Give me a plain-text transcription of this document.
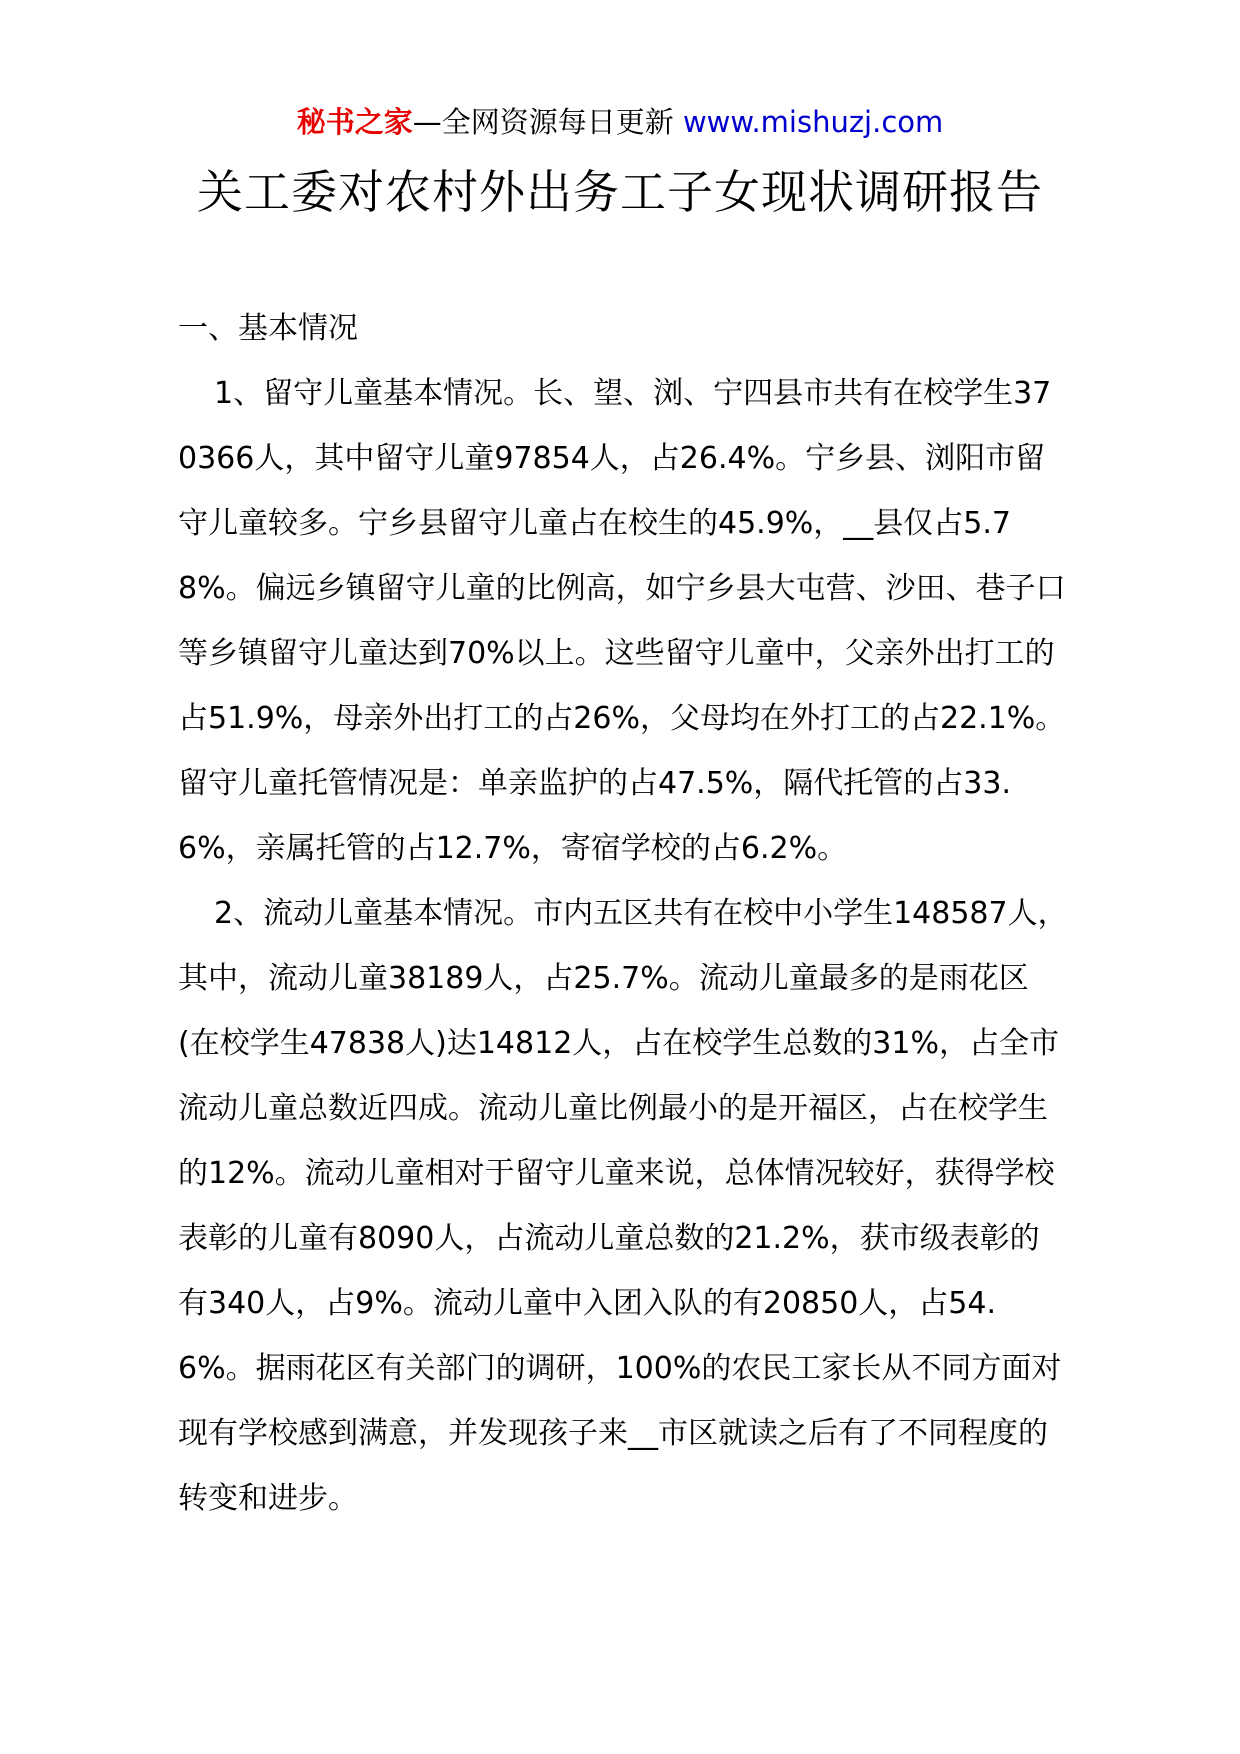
秘书之家—全网资源每日更新 www.mishuzj.com
关工委对农村外出务工子女现状调研报告

一、基本情况

1、留守儿童基本情况。长、望、浏、宁四县市共有在校学生370366人，其中留守儿童97854人，占26.4%。宁乡县、浏阳市留守儿童较多。宁乡县留守儿童占在校生的45.9%，__县仅占5.78%。偏远乡镇留守儿童的比例高，如宁乡县大屯营、沙田、巷子口等乡镇留守儿童达到70%以上。这些留守儿童中，父亲外出打工的占51.9%，母亲外出打工的占26%，父母均在外打工的占22.1%。留守儿童托管情况是：单亲监护的占47.5%，隔代托管的占33.6%，亲属托管的占12.7%，寄宿学校的占6.2%。

2、流动儿童基本情况。市内五区共有在校中小学生148587人，其中，流动儿童38189人，占25.7%。流动儿童最多的是雨花区(在校学生47838人)达14812人，占在校学生总数的31%，占全市流动儿童总数近四成。流动儿童比例最小的是开福区，占在校学生的12%。流动儿童相对于留守儿童来说，总体情况较好，获得学校表彰的儿童有8090人，占流动儿童总数的21.2%，获市级表彰的有340人，占9%。流动儿童中入团入队的有20850人，占54.6%。据雨花区有关部门的调研，100%的农民工家长从不同方面对现有学校感到满意，并发现孩子来__市区就读之后有了不同程度的转变和进步。
